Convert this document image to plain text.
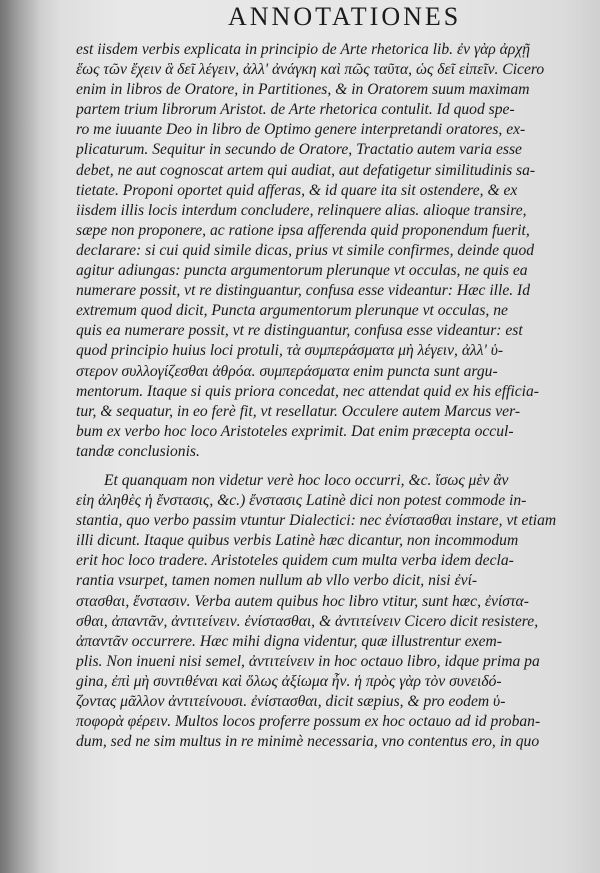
ANNOTATIONES
est iisdem verbis explicata in principio de Arte rhetorica lib. ἐν γὰρ ἀρχῇ
ἕως τῶν ἔχειν ἃ δεῖ λέγειν, ἀλλ' ἀνάγκη καὶ πῶς ταῦτα, ὡς δεῖ εἰπεῖν. Cicero
enim in libros de Oratore, in Partitiones, & in Oratorem suum maximam
partem trium librorum Aristot. de Arte rhetorica contulit. Id quod spe-
ro me iuuante Deo in libro de Optimo genere interpretandi oratores, ex-
plicaturum. Sequitur in secundo de Oratore, Tractatio autem varia esse
debet, ne aut cognoscat artem qui audiat, aut defatigetur similitudinis sa-
tietate. Proponi oportet quid afferas, & id quare ita sit ostendere, & ex
iisdem illis locis interdum concludere, relinquere alias. alioque transire,
sæpe non proponere, ac ratione ipsa afferenda quid proponendum fuerit,
declarare: si cui quid simile dicas, prius vt simile confirmes, deinde quod
agitur adiungas: puncta argumentorum plerunque vt occulas, ne quis ea
numerare possit, vt re distinguantur, confusa esse videantur: Hæc ille. Id
extremum quod dicit, Puncta argumentorum plerunque vt occulas, ne
quis ea numerare possit, vt re distinguantur, confusa esse videantur: est
quod principio huius loci protuli, τὰ συμπεράσματα μὴ λέγειν, ἀλλ' ὑ-
στερον συλλογίζεσθαι ἀθρόα. συμπεράσματα enim puncta sunt argu-
mentorum. Itaque si quis priora concedat, nec attendat quid ex his efficia-
tur, & sequatur, in eo ferè fit, vt resellatur. Occulere autem Marcus ver-
bum ex verbo hoc loco Aristoteles exprimit. Dat enim præcepta occul-
tandæ conclusionis.
Et quanquam non videtur verè hoc loco occurri, &c. ἴσως μὲν ἂν
εἰη ἀληθὲς ἡ ἔνστασις, &c.) ἔνστασις Latinè dici non potest commode in-
stantia, quo verbo passim vtuntur Dialectici: nec ἐνίστασθαι instare, vt etiam
illi dicunt. Itaque quibus verbis Latinè hæc dicantur, non incommodum
erit hoc loco tradere. Aristoteles quidem cum multa verba idem decla-
rantia vsurpet, tamen nomen nullum ab vllo verbo dicit, nisi ἐνί-
στασθαι, ἔνστασιν. Verba autem quibus hoc libro vtitur, sunt hæc, ἐνίστα-
σθαι, ἀπαντᾶν, ἀντιτείνειν. ἐνίστασθαι, & ἀντιτείνειν Cicero dicit resistere,
ἀπαντᾶν occurrere. Hæc mihi digna videntur, quæ illustrentur exem-
plis. Non inueni nisi semel, ἀντιτείνειν in hoc octauo libro, idque prima pa
gina, ἐπὶ μὴ συντιθέναι καὶ ὅλως ἀξίωμα ἦν. ἡ πρὸς γὰρ τὸν συνειδό-
ζοντας μᾶλλον ἀντιτείνουσι. ἐνίστασθαι, dicit sæpius, & pro eodem ὑ-
ποφορὰ φέρειν. Multos locos proferre possum ex hoc octauo ad id proban-
dum, sed ne sim multus in re minimè necessaria, vno contentus ero, in quo
